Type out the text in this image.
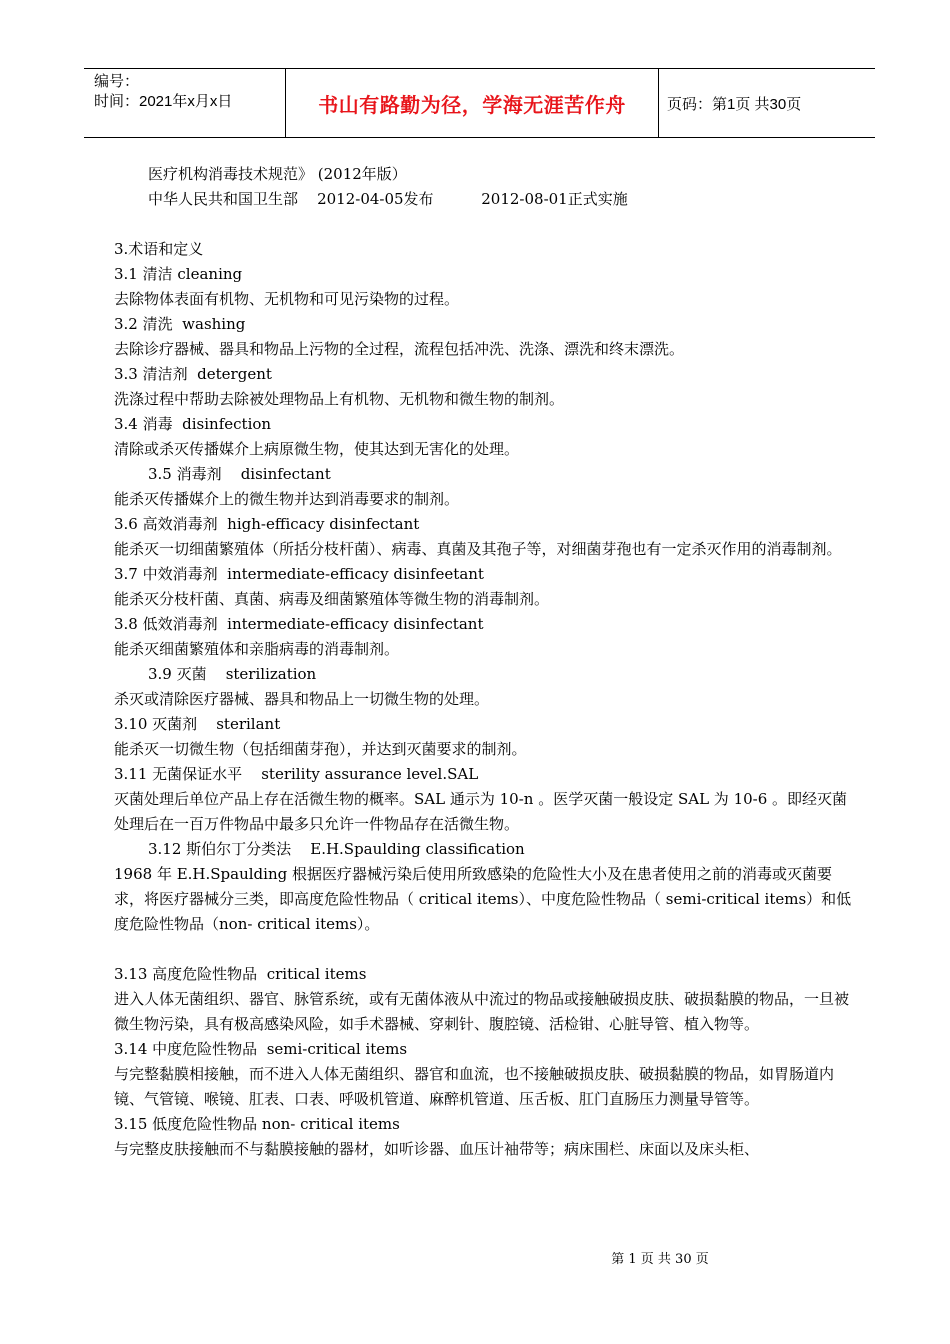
编号：
时间：2021年x月x日	书山有路勤为径，学海无涯苦作舟	页码：第1页 共30页

医疗机构消毒技术规范》 (2012年版）

中华人民共和国卫生部    2012-04-05发布          2012-08-01正式实施

3.术语和定义

3.1 清洁 cleaning

去除物体表面有机物、无机物和可见污染物的过程。

3.2 清洗  washing

去除诊疗器械、器具和物品上污物的全过程，流程包括冲洗、洗涤、漂洗和终末漂洗。

3.3 清洁剂  detergent

洗涤过程中帮助去除被处理物品上有机物、无机物和微生物的制剂。

3.4 消毒  disinfection

清除或杀灭传播媒介上病原微生物，使其达到无害化的处理。

3.5 消毒剂    disinfectant

能杀灭传播媒介上的微生物并达到消毒要求的制剂。

3.6 高效消毒剂  high-efficacy disinfectant

能杀灭一切细菌繁殖体（所括分枝杆菌）、病毒、真菌及其孢子等，对细菌芽孢也有一定杀灭作用的消毒制剂。

3.7 中效消毒剂  intermediate-efficacy disinfeetant

能杀灭分枝杆菌、真菌、病毒及细菌繁殖体等微生物的消毒制剂。

3.8 低效消毒剂  intermediate-efficacy disinfectant

能杀灭细菌繁殖体和亲脂病毒的消毒制剂。

3.9 灭菌    sterilization

杀灭或清除医疗器械、器具和物品上一切微生物的处理。

3.10 灭菌剂    sterilant

能杀灭一切微生物（包括细菌芽孢），并达到灭菌要求的制剂。

3.11 无菌保证水平    sterility assurance level.SAL

灭菌处理后单位产品上存在活微生物的概率。SAL 通示为 10-n 。医学灭菌一般设定 SAL 为 10-6 。即经灭菌处理后在一百万件物品中最多只允许一件物品存在活微生物。

3.12 斯伯尔丁分类法    E.H.Spaulding classification

1968 年 E.H.Spaulding 根据医疗器械污染后使用所致感染的危险性大小及在患者使用之前的消毒或灭菌要求，将医疗器械分三类，即高度危险性物品（ critical items）、中度危险性物品（ semi-critical items）和低度危险性物品（non- critical items）。

3.13 高度危险性物品  critical items

进入人体无菌组织、器官、脉管系统，或有无菌体液从中流过的物品或接触破损皮肤、破损黏膜的物品，一旦被微生物污染，具有极高感染风险，如手术器械、穿刺针、腹腔镜、活检钳、心脏导管、植入物等。

3.14 中度危险性物品  semi-critical items

与完整黏膜相接触，而不进入人体无菌组织、器官和血流，也不接触破损皮肤、破损黏膜的物品，如胃肠道内镜、气管镜、喉镜、肛表、口表、呼吸机管道、麻醉机管道、压舌板、肛门直肠压力测量导管等。

3.15 低度危险性物品 non- critical items

与完整皮肤接触而不与黏膜接触的器材，如听诊器、血压计袖带等；病床围栏、床面以及床头柜、

第 1 页 共 30 页
